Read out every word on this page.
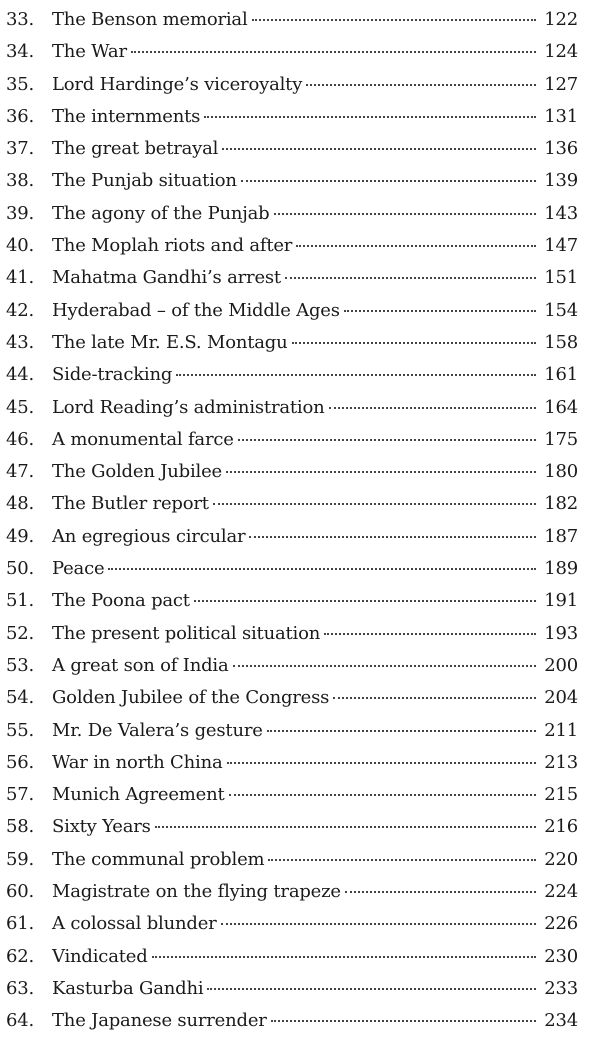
33. The Benson memorial	122
34. The War	124
35. Lord Hardinge’s viceroyalty	127
36. The internments	131
37. The great betrayal	136
38. The Punjab situation	139
39. The agony of the Punjab	143
40. The Moplah riots and after	147
41. Mahatma Gandhi’s arrest	151
42. Hyderabad – of the Middle Ages	154
43. The late Mr. E.S. Montagu	158
44. Side-tracking	161
45. Lord Reading’s administration	164
46. A monumental farce	175
47. The Golden Jubilee	180
48. The Butler report	182
49. An egregious circular	187
50. Peace	189
51. The Poona pact	191
52. The present political situation	193
53. A great son of India	200
54. Golden Jubilee of the Congress	204
55. Mr. De Valera’s gesture	211
56. War in north China	213
57. Munich Agreement	215
58. Sixty Years	216
59. The communal problem	220
60. Magistrate on the flying trapeze	224
61. A colossal blunder	226
62. Vindicated	230
63. Kasturba Gandhi	233
64. The Japanese surrender	234
